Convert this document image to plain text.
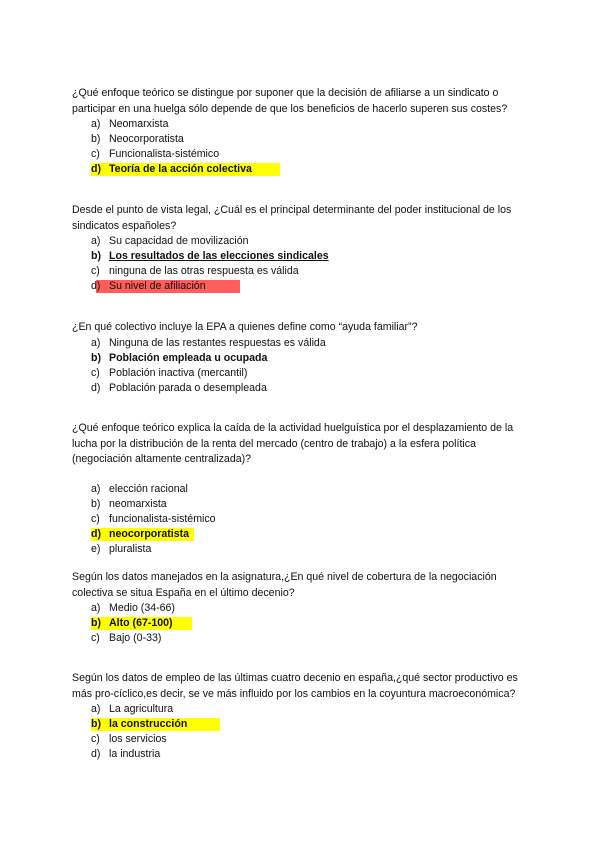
¿Qué enfoque teórico se distingue por suponer que la decisión de afiliarse a un sindicato o participar en una huelga sólo depende de que los beneficios de hacerlo superen sus costes?

a) Neomarxista
b) Neocorporatista
c) Funcionalista-sistémico
d) Teoría de la acción colectiva

Desde el punto de vista legal, ¿Cuál es el principal determinante del poder institucional de los sindicatos españoles?

a) Su capacidad de movilización
b) Los resultados de las elecciones sindicales
c) ninguna de las otras respuesta es válida
d) Su nivel de afiliación

¿En qué colectivo incluye la EPA a quienes define como “ayuda familiar”?

a) Ninguna de las restantes respuestas es válida
b) Población empleada u ocupada
c) Población inactiva (mercantil)
d) Población parada o desempleada

¿Qué enfoque teórico explica la caída de la actividad huelguística por el desplazamiento de la lucha por la distribución de la renta del mercado (centro de trabajo) a la esfera política (negociación altamente centralizada)?

a) elección racional
b) neomarxista
c) funcionalista-sistémico
d) neocorporatista
e) pluralista

Según los datos manejados en la asignatura,¿En qué nivel de cobertura de la negociación colectiva se situa España en el último decenio?

a) Medio (34-66)
b) Alto (67-100)
c) Bajo (0-33)

Según los datos de empleo de las últimas cuatro decenio en españa,¿qué sector productivo es más pro-cíclico,es decir, se ve más influido por los cambios en la coyuntura macroeconómica?

a) La agricultura
b) la construcción
c) los servicios
d) la industria
